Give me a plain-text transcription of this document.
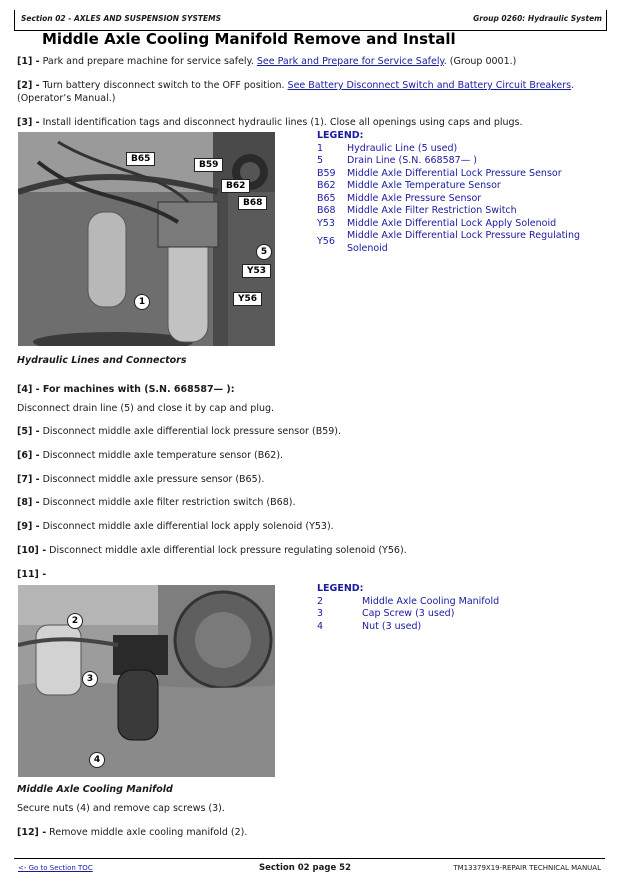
Section 02 - AXLES AND SUSPENSION SYSTEMS	Group 0260: Hydraulic System
Middle Axle Cooling Manifold Remove and Install
[1] - Park and prepare machine for service safely. See Park and Prepare for Service Safely. (Group 0001.)
[2] - Turn battery disconnect switch to the OFF position. See Battery Disconnect Switch and Battery Circuit Breakers.
(Operator’s Manual.)
[3] - Install identification tags and disconnect hydraulic lines (1). Close all openings using caps and plugs.
B65
B59
B62
B68
Y53
Y56
1
5
LEGEND:
1	Hydraulic Line (5 used)
5	Drain Line (S.N. 668587— )
B59 Middle Axle Differential Lock Pressure Sensor
B62 Middle Axle Temperature Sensor
B65 Middle Axle Pressure Sensor
B68 Middle Axle Filter Restriction Switch
Y53 Middle Axle Differential Lock Apply Solenoid
Y56
Middle Axle Differential Lock Pressure Regulating Solenoid
Hydraulic Lines and Connectors
[4] - For machines with (S.N. 668587— ):
Disconnect drain line (5) and close it by cap and plug.
[5] - Disconnect middle axle differential lock pressure sensor (B59).
[6] - Disconnect middle axle temperature sensor (B62).
[7] - Disconnect middle axle pressure sensor (B65).
[8] - Disconnect middle axle filter restriction switch (B68).
[9] - Disconnect middle axle differential lock apply solenoid (Y53).
[10] - Disconnect middle axle differential lock pressure regulating solenoid (Y56).
[11] -
2
3
4
LEGEND:
2	Middle Axle Cooling Manifold
3	Cap Screw (3 used)
4	Nut (3 used)
Middle Axle Cooling Manifold
Secure nuts (4) and remove cap screws (3).
[12] - Remove middle axle cooling manifold (2).
<- Go to Section TOC	Section 02 page 52	TM13379X19-REPAIR TECHNICAL MANUAL
